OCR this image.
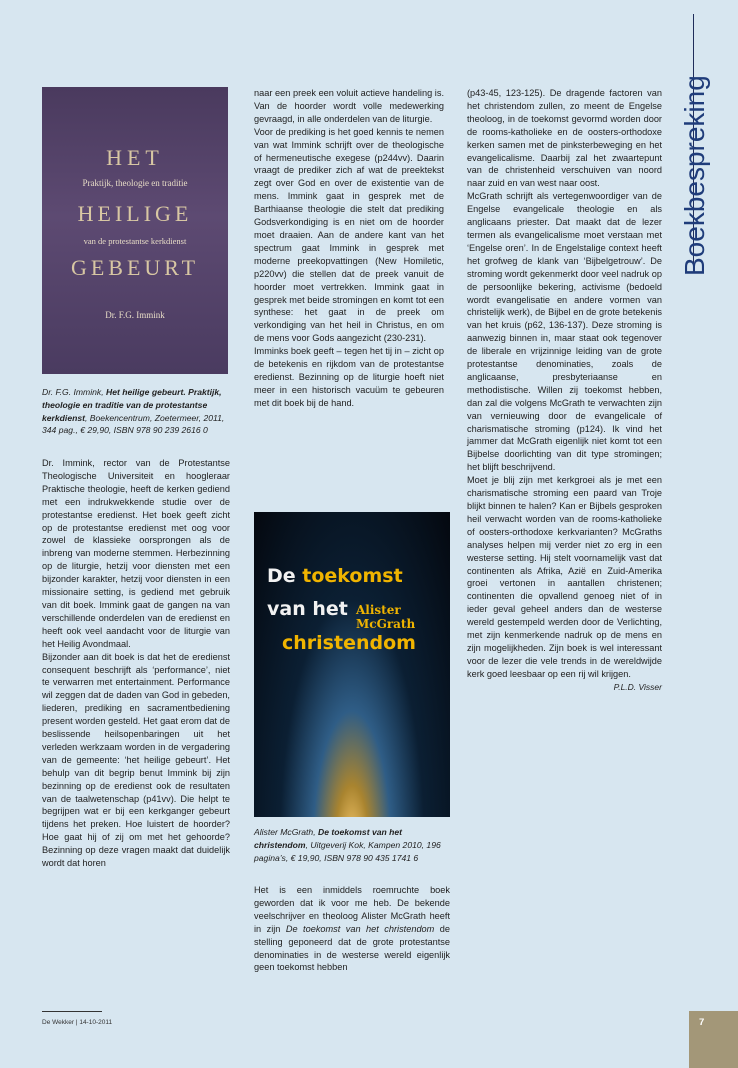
HET
Praktijk, theologie en traditie
HEILIGE
van de protestantse kerkdienst
GEBEURT
Dr. F.G. Immink
Dr. F.G. Immink, Het heilige gebeurt. Praktijk, theologie en traditie van de protestantse kerkdienst, Boekencentrum, Zoetermeer, 2011, 344 pag., € 29,90, ISBN 978 90 239 2616 0

Dr. Immink, rector van de Protestantse Theologische Universiteit en hoogleraar Praktische theologie, heeft de kerken gediend met een indrukwekkende studie over de protestantse eredienst. Het boek geeft zicht op de protestantse eredienst met oog voor zowel de klassieke oorsprongen als de inbreng van moderne stemmen. Herbezinning op de liturgie, hetzij voor diensten met een bijzonder karakter, hetzij voor diensten in een missionaire setting, is gediend met gebruik van dit boek. Immink gaat de gangen na van verschillende onderdelen van de eredienst en heeft ook veel aandacht voor de liturgie van het Heilig Avondmaal.

Bijzonder aan dit boek is dat het de eredienst consequent beschrijft als ‘performance’, niet te verwarren met entertainment. Performance wil zeggen dat de daden van God in gebeden, liederen, prediking en sacramentbediening present worden gesteld. Het gaat erom dat de beslissende heilsopenbaringen uit het verleden werkzaam worden in de vergadering van de gemeente: ‘het heilige gebeurt’. Het behulp van dit begrip benut Immink bij zijn bezinning op de eredienst ook de resultaten van de taalwetenschap (p41vv). Die helpt te begrijpen wat er bij een kerkganger gebeurt tijdens het preken. Hoe luistert de hoorder? Hoe gaat hij of zij om met het gehoorde? Bezinning op deze vragen maakt dat duidelijk wordt dat horen

naar een preek een voluit actieve handeling is. Van de hoorder wordt volle medewerking gevraagd, in alle onderdelen van de liturgie.

Voor de prediking is het goed kennis te nemen van wat Immink schrijft over de theologische of hermeneutische exegese (p244vv). Daarin vraagt de prediker zich af wat de preektekst zegt over God en over de existentie van de mens. Immink gaat in gesprek met de Barthiaanse theologie die stelt dat prediking Godsverkondiging is en niet om de hoorder moet draaien. Aan de andere kant van het spectrum gaat Immink in gesprek met moderne preekopvattingen (New Homiletic, p220vv) die stellen dat de preek vanuit de hoorder moet vertrekken. Immink gaat in gesprek met beide stromingen en komt tot een synthese: het gaat in de preek om verkondiging van het heil in Christus, en om de mens voor Gods aangezicht (230-231).

Imminks boek geeft – tegen het tij in – zicht op de betekenis en rijkdom van de protestantse eredienst. Bezinning op de liturgie hoeft niet meer in een historisch vacuüm te gebeuren met dit boek bij de hand.

De toekomst
van het Alister McGrath
christendom
Alister McGrath, De toekomst van het christendom, Uitgeverij Kok, Kampen 2010, 196 pagina’s, € 19,90, ISBN 978 90 435 1741 6

Het is een inmiddels roemruchte boek geworden dat ik voor me heb. De bekende veelschrijver en theoloog Alister McGrath heeft in zijn De toekomst van het christendom de stelling geponeerd dat de grote protestantse denominaties in de westerse wereld eigenlijk geen toekomst hebben

(p43-45, 123-125). De dragende factoren van het christendom zullen, zo meent de Engelse theoloog, in de toekomst gevormd worden door de rooms-katholieke en de oosters-orthodoxe kerken samen met de pinksterbeweging en het evangelicalisme. Daarbij zal het zwaartepunt van de christenheid verschuiven van noord naar zuid en van west naar oost.

McGrath schrijft als vertegenwoordiger van de Engelse evangelicale theologie en als anglicaans priester. Dat maakt dat de lezer termen als evangelicalisme moet verstaan met ‘Engelse oren’. In de Engelstalige context heeft het grofweg de klank van ‘Bijbelgetrouw’. De stroming wordt gekenmerkt door veel nadruk op de persoonlijke bekering, activisme (bedoeld wordt evangelisatie en andere vormen van christelijk werk), de Bijbel en de grote betekenis van het kruis (p62, 136-137). Deze stroming is aanwezig binnen in, maar staat ook tegenover de liberale en vrijzinnige leiding van de grote protestantse denominaties, zoals de anglicaanse, presbyteriaanse en methodistische. Willen zij toekomst hebben, dan zal die volgens McGrath te verwachten zijn van vernieuwing door de evangelicale of charismatische stroming (p124). Ik vind het jammer dat McGrath eigenlijk niet komt tot een Bijbelse doorlichting van dit type stromingen; het blijft beschrijvend.

Moet je blij zijn met kerkgroei als je met een charismatische stroming een paard van Troje blijkt binnen te halen? Kan er Bijbels gesproken heil verwacht worden van de rooms-katholieke of oosters-orthodoxe kerkvarianten? McGraths analyses helpen mij verder niet zo erg in een westerse setting. Hij stelt voornamelijk vast dat continenten als Afrika, Azië en Zuid-Amerika groei vertonen in aantallen christenen; continenten die opvallend genoeg niet of in ieder geval geheel anders dan de westerse wereld gestempeld werden door de Verlichting, met zijn kenmerkende nadruk op de mens en zijn mogelijkheden. Zijn boek is wel interessant voor de lezer die vele trends in de wereldwijde kerk goed leesbaar op een rij wil krijgen.

P.L.D. Visser

Boekbespreking
De Wekker | 14-10-2011	7
